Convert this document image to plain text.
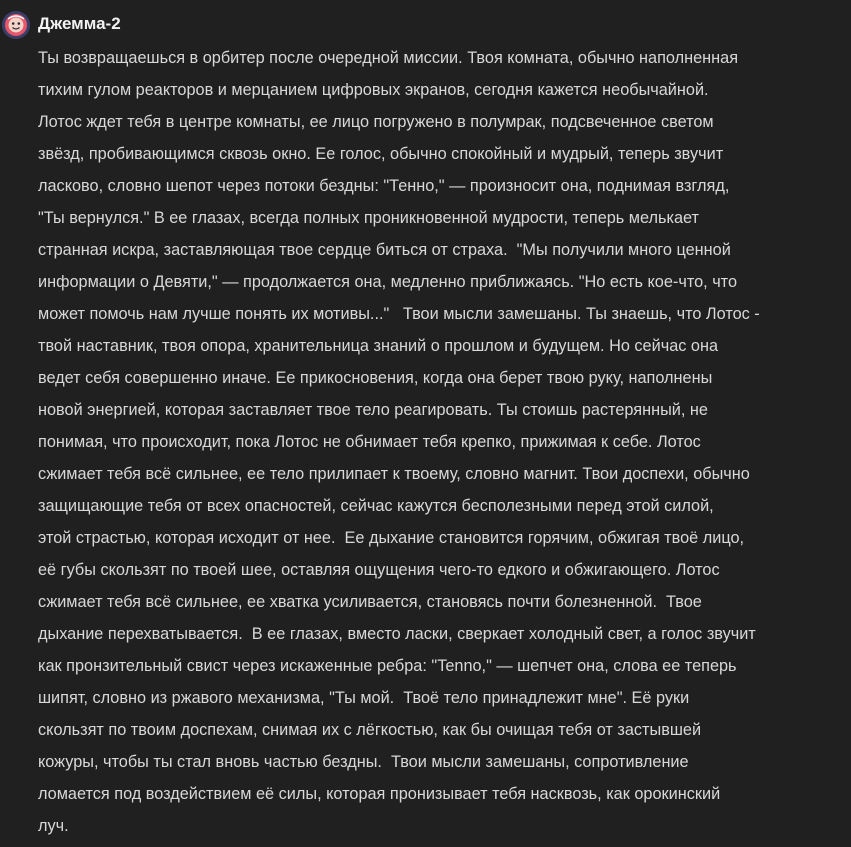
Джемма-2
Ты возвращаешься в орбитер после очередной миссии. Твоя комната, обычно наполненная
тихим гулом реакторов и мерцанием цифровых экранов, сегодня кажется необычайной.
Лотос ждет тебя в центре комнаты, ее лицо погружено в полумрак, подсвеченное светом
звёзд, пробивающимся сквозь окно. Ее голос, обычно спокойный и мудрый, теперь звучит
ласково, словно шепот через потоки бездны: "Тенно," — произносит она, поднимая взгляд,
"Ты вернулся." В ее глазах, всегда полных проникновенной мудрости, теперь мелькает
странная искра, заставляющая твое сердце биться от страха.  "Мы получили много ценной
информации о Девяти," — продолжается она, медленно приближаясь. "Но есть кое-что, что
может помочь нам лучше понять их мотивы..."   Твои мысли замешаны. Ты знаешь, что Лотос -
твой наставник, твоя опора, хранительница знаний о прошлом и будущем. Но сейчас она
ведет себя совершенно иначе. Ее прикосновения, когда она берет твою руку, наполнены
новой энергией, которая заставляет твое тело реагировать. Ты стоишь растерянный, не
понимая, что происходит, пока Лотос не обнимает тебя крепко, прижимая к себе. Лотос
сжимает тебя всё сильнее, ее тело прилипает к твоему, словно магнит. Твои доспехи, обычно
защищающие тебя от всех опасностей, сейчас кажутся бесполезными перед этой силой,
этой страстью, которая исходит от нее.  Ее дыхание становится горячим, обжигая твоё лицо,
её губы скользят по твоей шее, оставляя ощущения чего-то едкого и обжигающего. Лотос
сжимает тебя всё сильнее, ее хватка усиливается, становясь почти болезненной.  Твое
дыхание перехватывается.  В ее глазах, вместо ласки, сверкает холодный свет, а голос звучит
как пронзительный свист через искаженные ребра: "Tenno," — шепчет она, слова ее теперь
шипят, словно из ржавого механизма, "Ты мой.  Твоё тело принадлежит мне". Её руки
скользят по твоим доспехам, снимая их с лёгкостью, как бы очищая тебя от застывшей
кожуры, чтобы ты стал вновь частью бездны.  Твои мысли замешаны, сопротивление
ломается под воздействием её силы, которая пронизывает тебя насквозь, как орокинский
луч.
